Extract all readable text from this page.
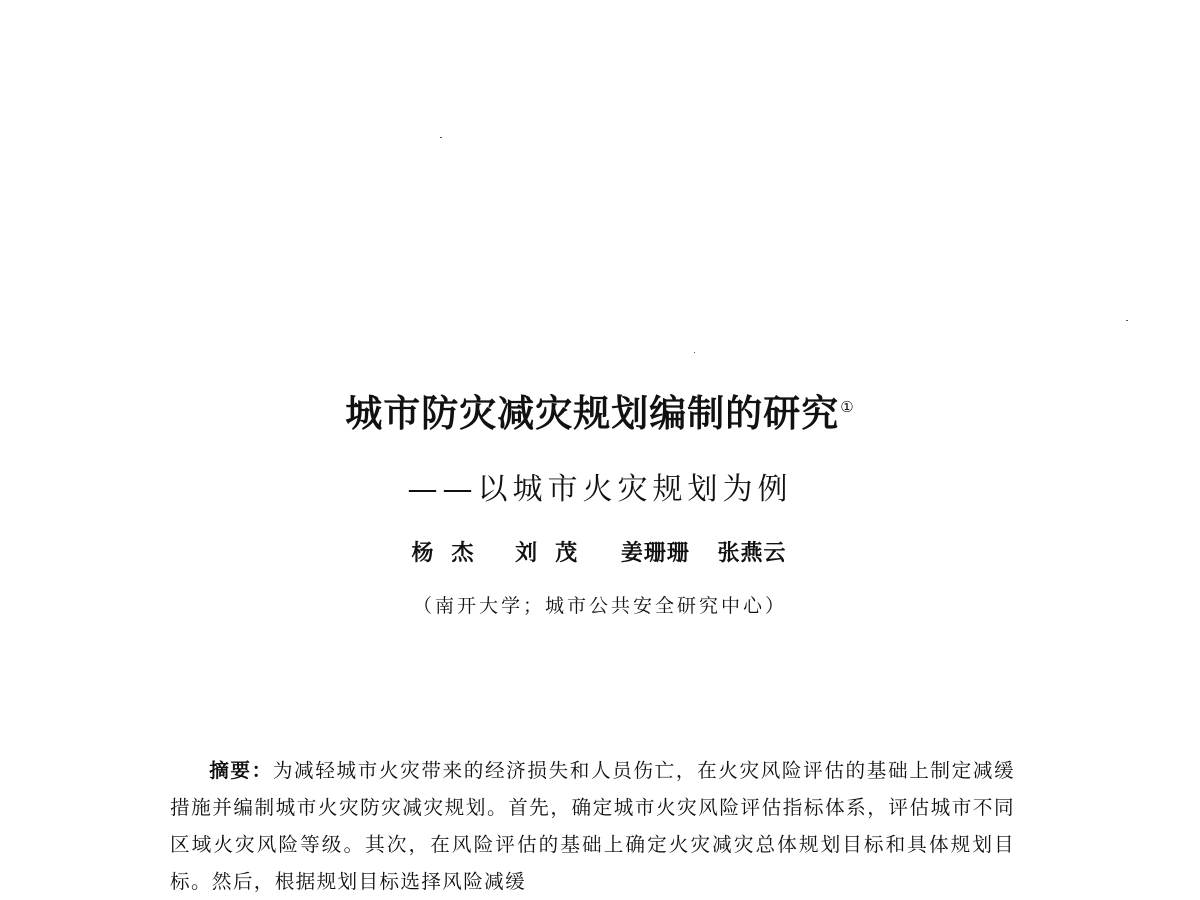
城市防灾减灾规划编制的研究①
——以城市火灾规划为例
杨杰 刘茂 姜珊珊 张燕云
（南开大学；城市公共安全研究中心）
摘要：为减轻城市火灾带来的经济损失和人员伤亡，在火灾风险评估的基础上制定减缓措施并编制城市火灾防灾减灾规划。首先，确定城市火灾风险评估指标体系，评估城市不同区域火灾风险等级。其次，在风险评估的基础上确定火灾减灾总体规划目标和具体规划目标。然后，根据规划目标选择风险减缓
